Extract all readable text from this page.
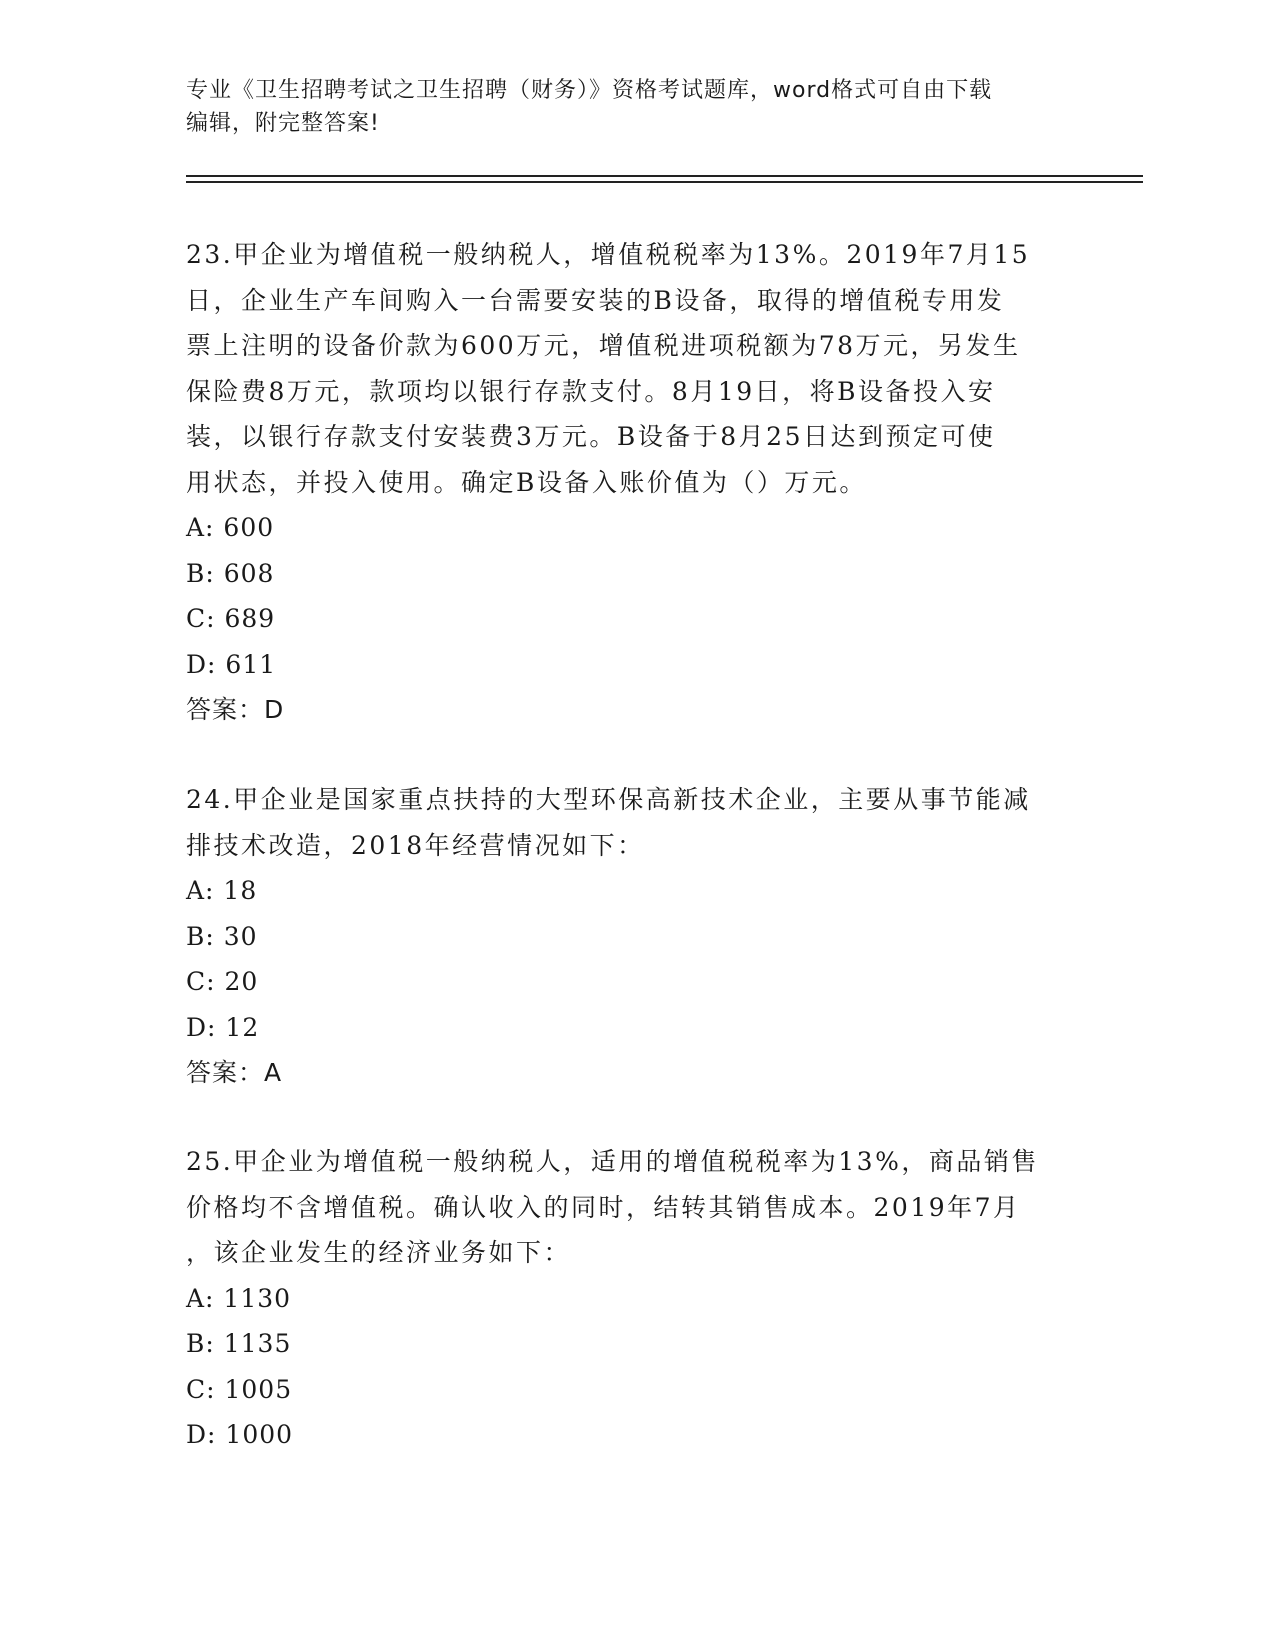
专业《卫生招聘考试之卫生招聘（财务）》资格考试题库，word格式可自由下载
编辑，附完整答案!

23.甲企业为增值税一般纳税人，增值税税率为13%。2019年7月15

日，企业生产车间购入一台需要安装的B设备，取得的增值税专用发

票上注明的设备价款为600万元，增值税进项税额为78万元，另发生

保险费8万元，款项均以银行存款支付。8月19日，将B设备投入安

装，以银行存款支付安装费3万元。B设备于8月25日达到预定可使

用状态，并投入使用。确定B设备入账价值为（）万元。

A: 600

B: 608

C: 689

D: 611

答案：D

24.甲企业是国家重点扶持的大型环保高新技术企业，主要从事节能减

排技术改造，2018年经营情况如下：

A: 18

B: 30

C: 20

D: 12

答案：A

25.甲企业为增值税一般纳税人，适用的增值税税率为13%，商品销售

价格均不含增值税。确认收入的同时，结转其销售成本。2019年7月

，该企业发生的经济业务如下：

A: 1130

B: 1135

C: 1005

D: 1000
